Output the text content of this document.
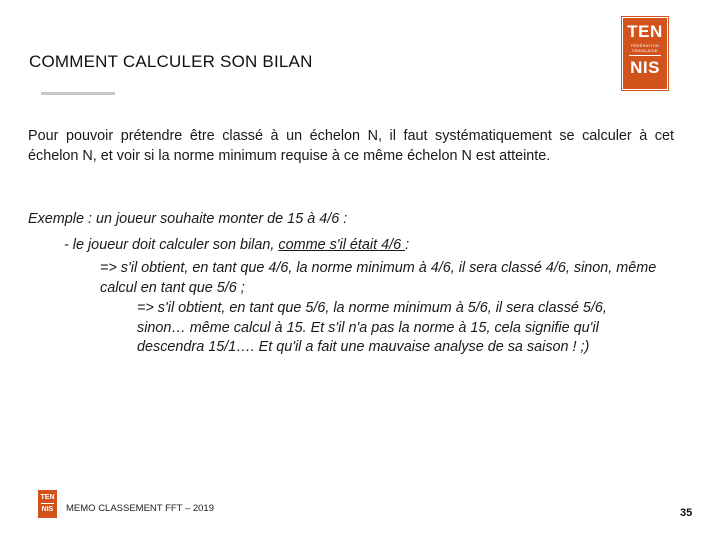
COMMENT CALCULER SON BILAN
TEN
FÉDÉRATION FRANÇAISE
NIS

Pour pouvoir prétendre être classé à un échelon N, il faut systématiquement se calculer à cet échelon N, et voir si la norme minimum requise à ce même échelon N est atteinte.

Exemple : un joueur souhaite monter de 15 à 4/6 :

- le joueur doit calculer son bilan, comme s'il était 4/6 :

=> s'il obtient, en tant que 4/6, la norme minimum à 4/6, il sera classé 4/6, sinon, même calcul en tant que 5/6 ;

=> s'il obtient, en tant que 5/6, la norme minimum à 5/6, il sera classé 5/6, sinon… même calcul à 15. Et s'il n'a pas la norme à 15, cela signifie qu'il descendra 15/1…. Et qu'il a fait une mauvaise analyse de sa saison ! ;)

TEN
NIS	MEMO CLASSEMENT FFT – 2019	35
